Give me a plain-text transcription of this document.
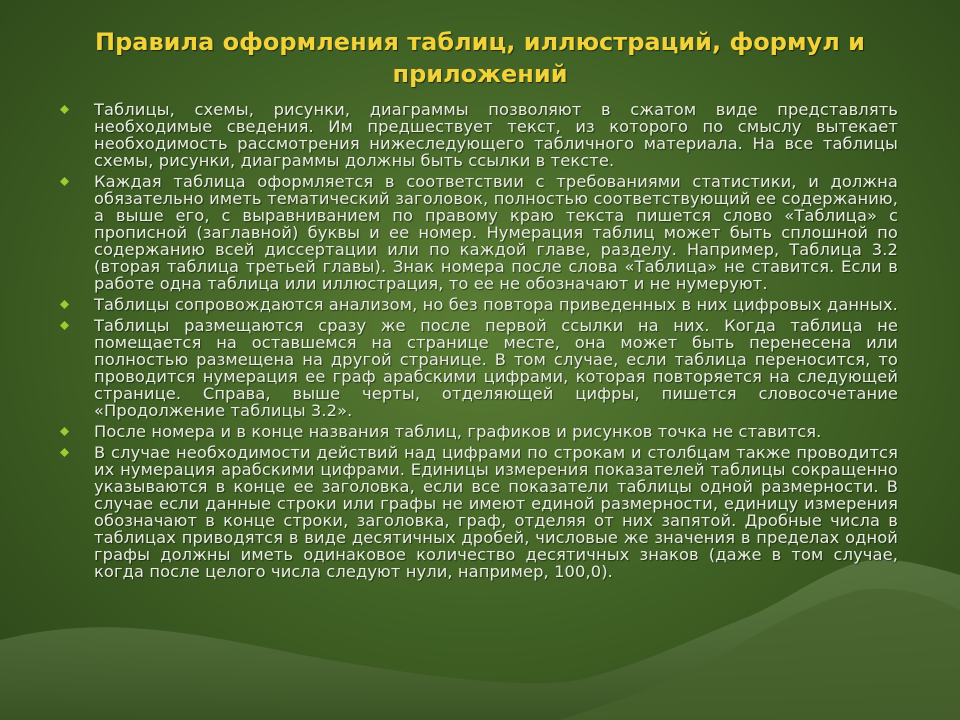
Правила оформления таблиц, иллюстраций, формул и приложений
Таблицы, схемы, рисунки, диаграммы позволяют в сжатом виде представлять необходимые сведения. Им предшествует текст, из которого по смыслу вытекает необходимость рассмотрения нижеследующего табличного материала. На все таблицы схемы, рисунки, диаграммы должны быть ссылки в тексте.
Каждая таблица оформляется в соответствии с требованиями статистики, и должна обязательно иметь тематический заголовок, полностью соответствующий ее содержанию, а выше его, с выравниванием по правому краю текста пишется слово «Таблица» с прописной (заглавной) буквы и ее номер. Нумерация таблиц может быть сплошной по содержанию всей диссертации или по каждой главе, разделу. Например, Таблица 3.2 (вторая таблица третьей главы). Знак номера после слова «Таблица» не ставится. Если в работе одна таблица или иллюстрация, то ее не обозначают и не нумеруют.
Таблицы сопровождаются анализом, но без повтора приведенных в них цифровых данных.
Таблицы размещаются сразу же после первой ссылки на них. Когда таблица не помещается на оставшемся на странице месте, она может быть перенесена или полностью размещена на другой странице. В том случае, если таблица переносится, то проводится нумерация ее граф арабскими цифрами, которая повторяется на следующей странице. Справа, выше черты, отделяющей цифры, пишется словосочетание «Продолжение таблицы 3.2».
После номера и в конце названия таблиц, графиков и рисунков точка не ставится.
В случае необходимости действий над цифрами по строкам и столбцам также проводится их нумерация арабскими цифрами. Единицы измерения показателей таблицы сокращенно указываются в конце ее заголовка, если все показатели таблицы одной размерности. В случае если данные строки или графы не имеют единой размерности, единицу измерения обозначают в конце строки, заголовка, граф, отделяя от них запятой. Дробные числа в таблицах приводятся в виде десятичных дробей, числовые же значения в пределах одной графы должны иметь одинаковое количество десятичных знаков (даже в том случае, когда после целого числа следуют нули, например, 100,0).
